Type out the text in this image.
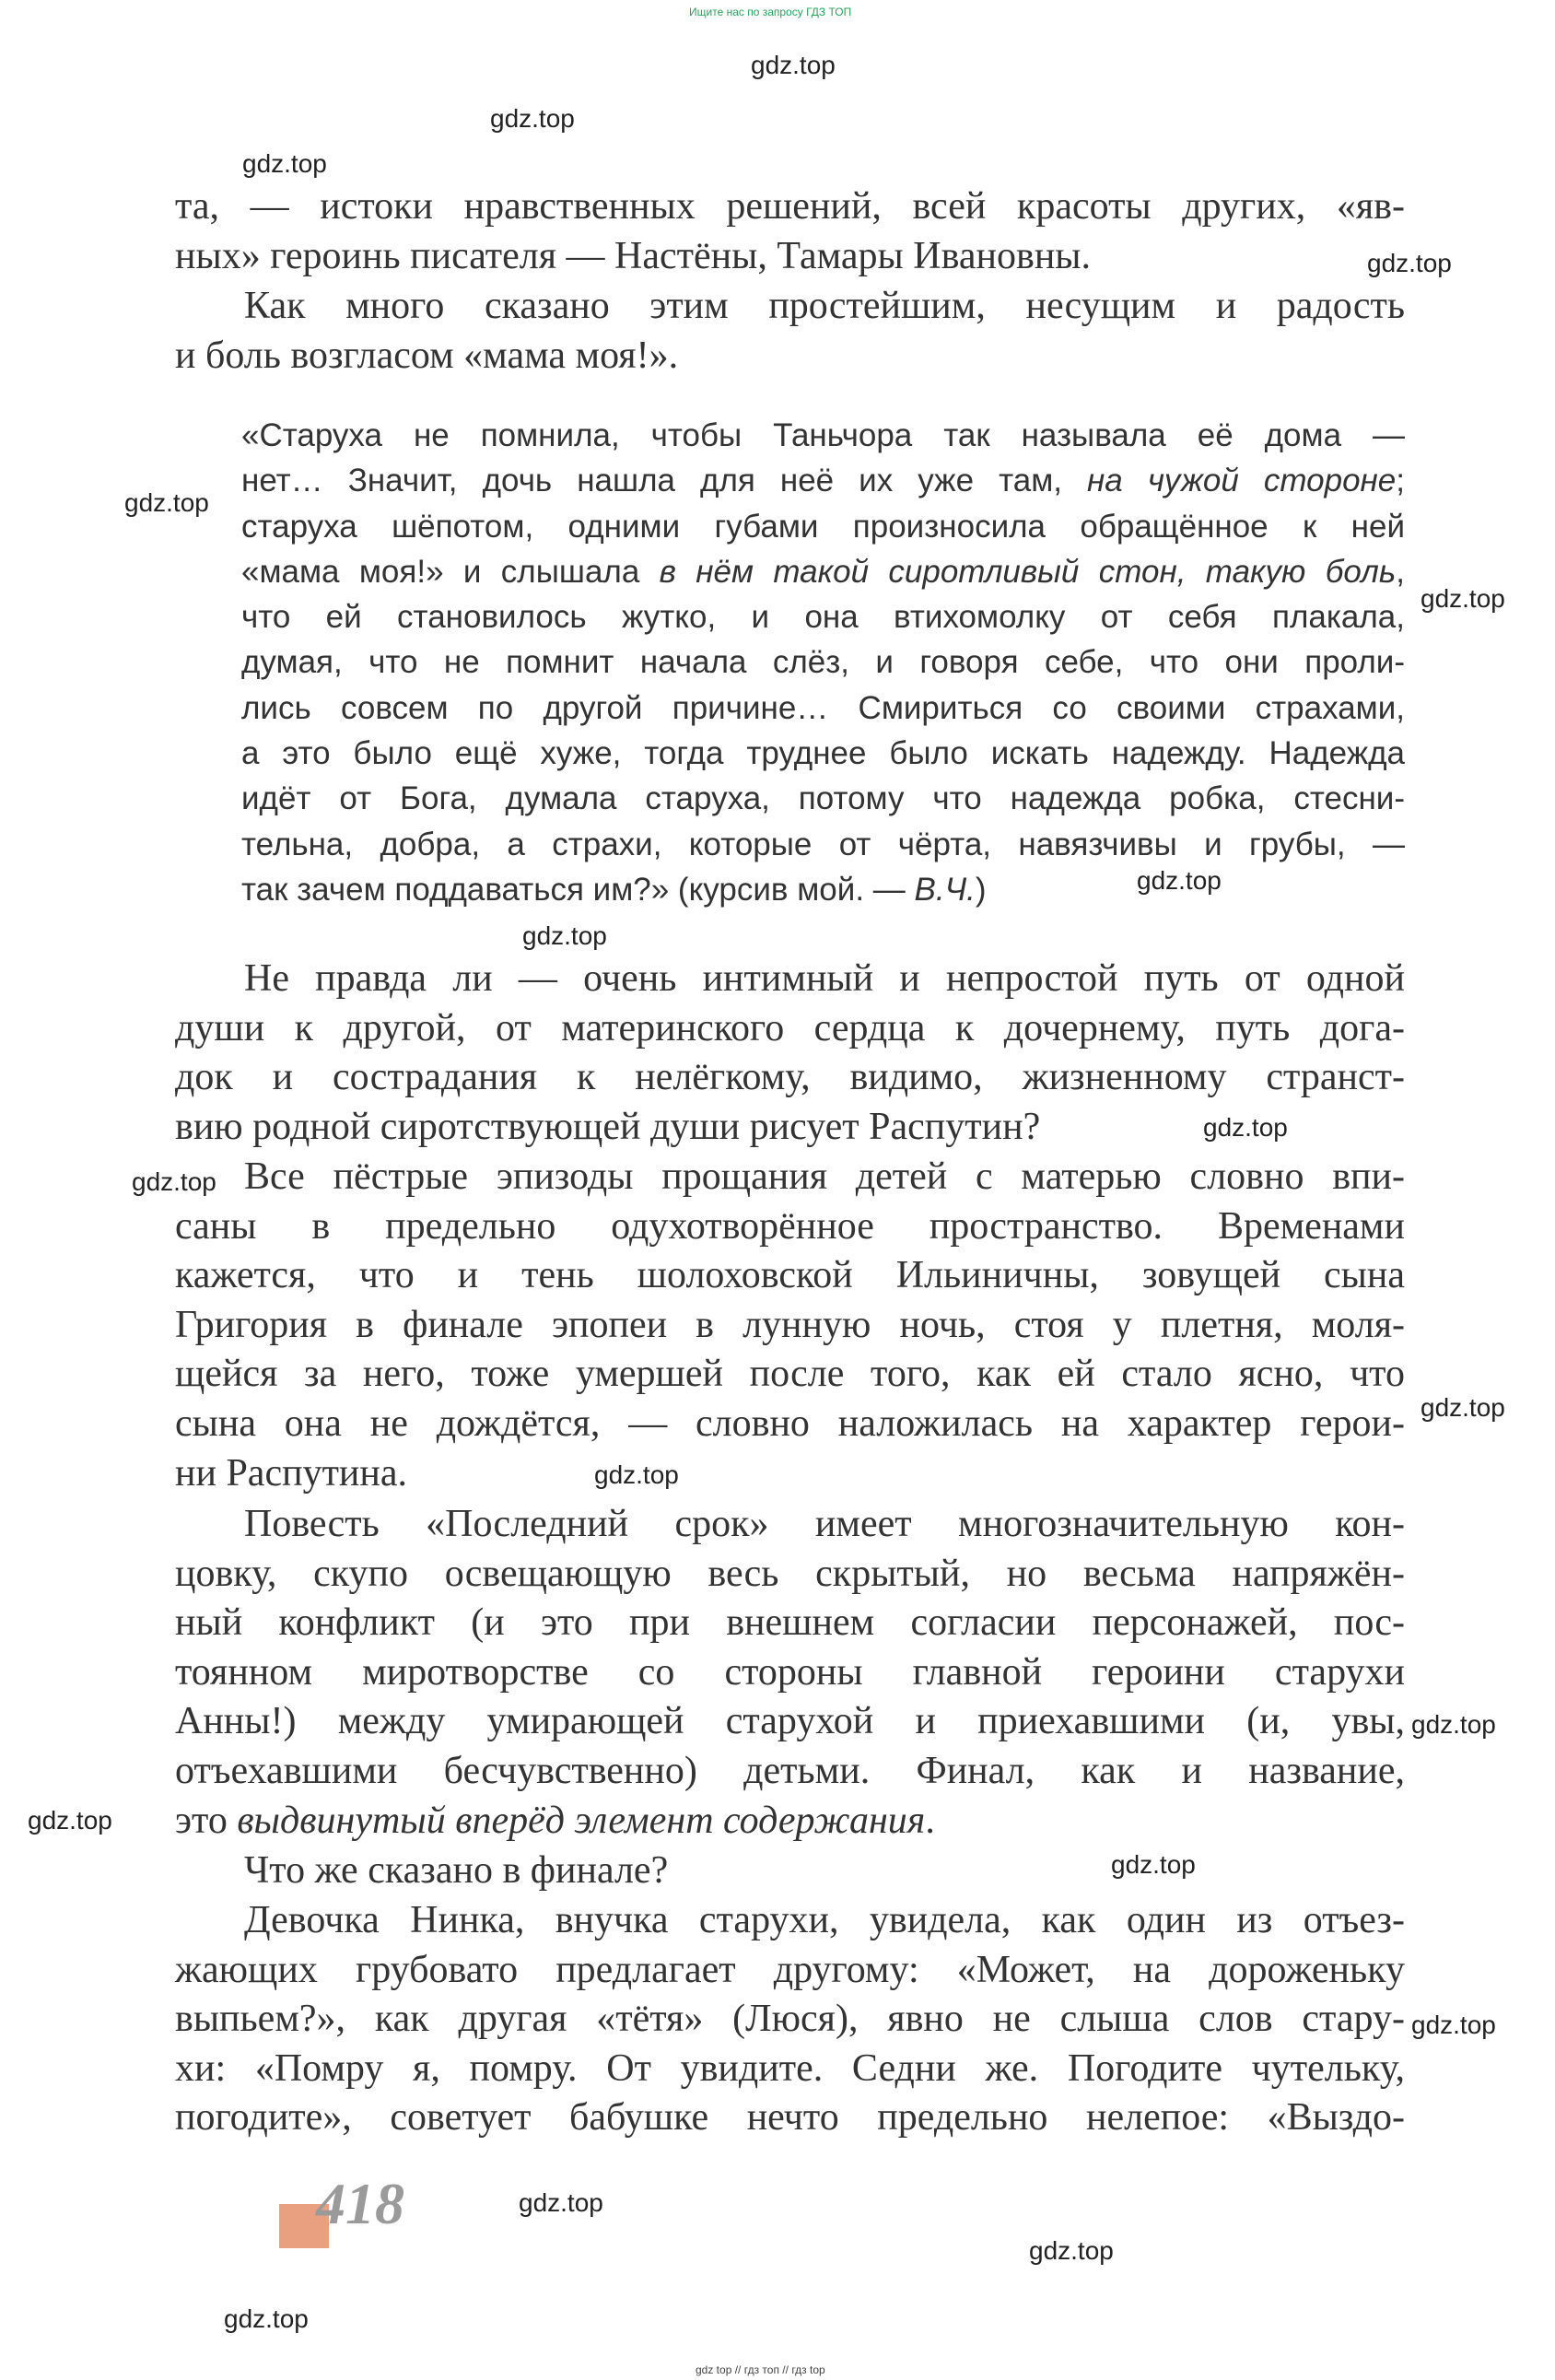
Ищите нас по запросу ГДЗ ТОП
та, — истоки нравственных решений, всей красоты других, «яв-
ных» героинь писателя — Настёны, Тамары Ивановны.
Как много сказано этим простейшим, несущим и радость
и боль возгласом «мама моя!».
«Старуха не помнила, чтобы Таньчора так называла её дома —
нет… Значит, дочь нашла для неё их уже там, на чужой стороне;
старуха шёпотом, одними губами произносила обращённое к ней
«мама моя!» и слышала в нём такой сиротливый стон, такую боль,
что ей становилось жутко, и она втихомолку от себя плакала,
думая, что не помнит начала слёз, и говоря себе, что они проли-
лись совсем по другой причине… Смириться со своими страхами,
а это было ещё хуже, тогда труднее было искать надежду. Надежда
идёт от Бога, думала старуха, потому что надежда робка, стесни-
тельна, добра, а страхи, которые от чёрта, навязчивы и грубы, —
так зачем поддаваться им?» (курсив мой. — В.Ч.)
Не правда ли — очень интимный и непростой путь от одной
души к другой, от материнского сердца к дочернему, путь дога-
док и сострадания к нелёгкому, видимо, жизненному странст-
вию родной сиротствующей души рисует Распутин?
Все пёстрые эпизоды прощания детей с матерью словно впи-
саны в предельно одухотворённое пространство. Временами
кажется, что и тень шолоховской Ильиничны, зовущей сына
Григория в финале эпопеи в лунную ночь, стоя у плетня, моля-
щейся за него, тоже умершей после того, как ей стало ясно, что
сына она не дождётся, — словно наложилась на характер герои-
ни Распутина.
Повесть «Последний срок» имеет многозначительную кон-
цовку, скупо освещающую весь скрытый, но весьма напряжён-
ный конфликт (и это при внешнем согласии персонажей, пос-
тоянном миротворстве со стороны главной героини старухи
Анны!) между умирающей старухой и приехавшими (и, увы,
отъехавшими бесчувственно) детьми. Финал, как и название,
это выдвинутый вперёд элемент содержания.
Что же сказано в финале?
Девочка Нинка, внучка старухи, увидела, как один из отъез-
жающих грубовато предлагает другому: «Может, на дороженьку
выпьем?», как другая «тётя» (Люся), явно не слыша слов стару-
хи: «Помру я, помру. От увидите. Седни же. Погодите чутельку,
погодите», советует бабушке нечто предельно нелепое: «Выздо-
418
gdz.top
gdz.top
gdz.top
gdz.top
gdz.top
gdz.top
gdz.top
gdz.top
gdz.top
gdz.top
gdz.top
gdz.top
gdz.top
gdz.top
gdz.top
gdz.top
gdz.top
gdz.top
gdz.top
gdz top // гдз топ // гдз top
